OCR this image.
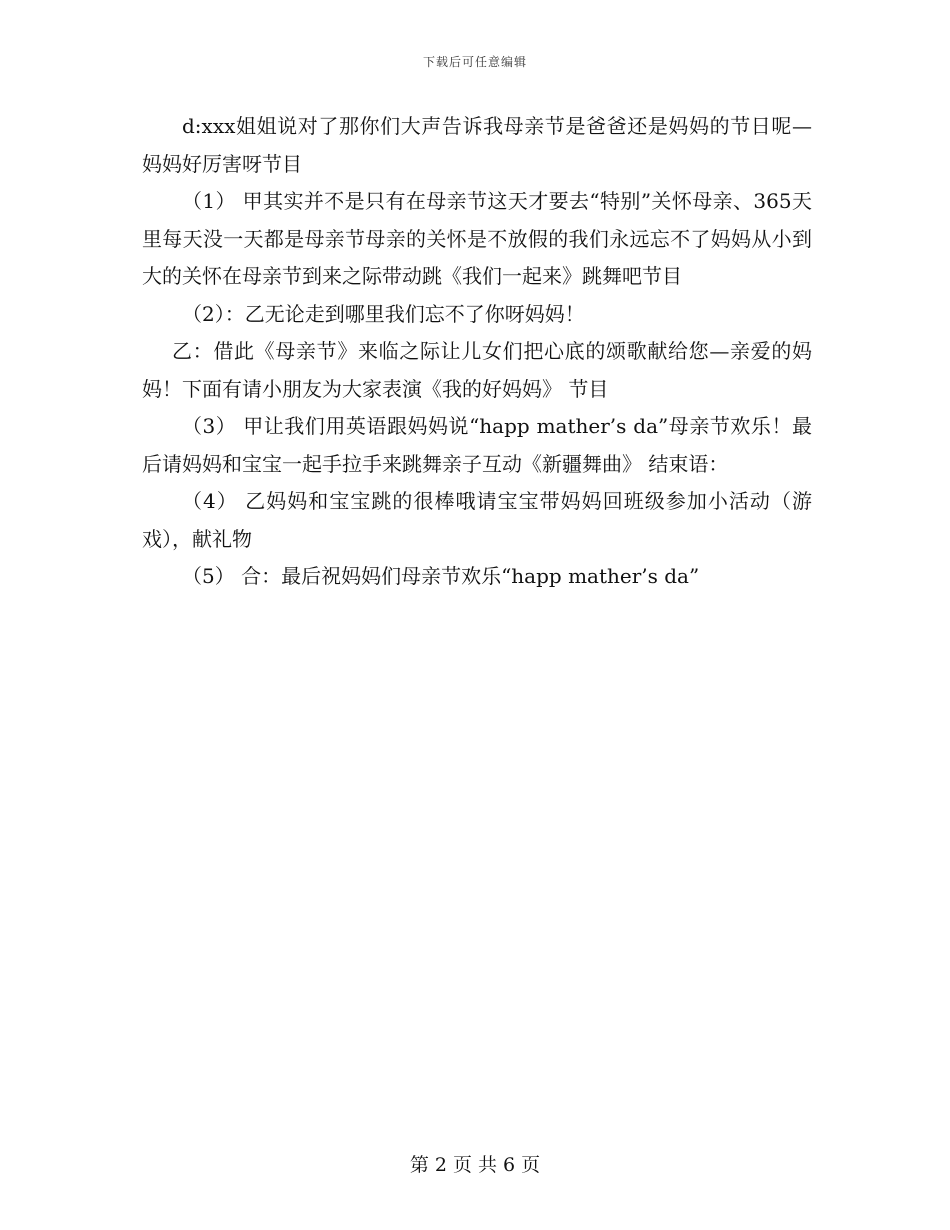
下载后可任意编辑

d:xxx姐姐说对了那你们大声告诉我母亲节是爸爸还是妈妈的节日呢—妈妈好厉害呀节目

（1） 甲其实并不是只有在母亲节这天才要去“特别”关怀母亲、365天里每天没一天都是母亲节母亲的关怀是不放假的我们永远忘不了妈妈从小到大的关怀在母亲节到来之际带动跳《我们一起来》跳舞吧节目

（2）：乙无论走到哪里我们忘不了你呀妈妈！

乙：借此《母亲节》来临之际让儿女们把心底的颂歌献给您—亲爱的妈妈！下面有请小朋友为大家表演《我的好妈妈》 节目

（3） 甲让我们用英语跟妈妈说“happ mather’s da”母亲节欢乐！最后请妈妈和宝宝一起手拉手来跳舞亲子互动《新疆舞曲》 结束语：

（4） 乙妈妈和宝宝跳的很棒哦请宝宝带妈妈回班级参加小活动（游戏），献礼物

（5） 合：最后祝妈妈们母亲节欢乐“happ mather’s da”

第 2 页 共 6 页
